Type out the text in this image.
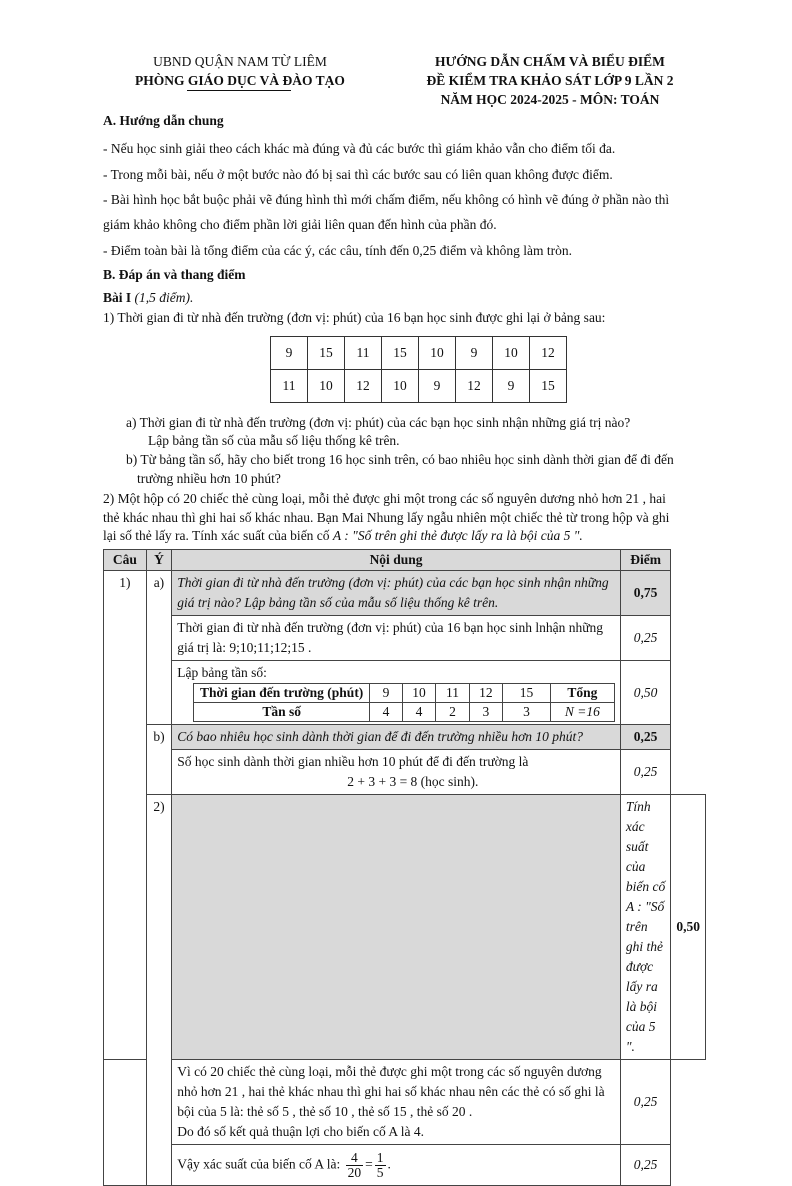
UBND QUẬN NAM TỪ LIÊM
PHÒNG GIÁO DỤC VÀ ĐÀO TẠO
HƯỚNG DẪN CHẤM VÀ BIỂU ĐIỂM
ĐỀ KIỂM TRA KHẢO SÁT LỚP 9 LẦN 2
NĂM HỌC 2024-2025 - MÔN: TOÁN
A. Hướng dẫn chung
- Nếu học sinh giải theo cách khác mà đúng và đủ các bước thì giám khảo vẫn cho điểm tối đa.
- Trong mỗi bài, nếu ở một bước nào đó bị sai thì các bước sau có liên quan không được điểm.
- Bài hình học bắt buộc phải vẽ đúng hình thì mới chấm điểm, nếu không có hình vẽ đúng ở phần nào thì
giám khảo không cho điểm phần lời giải liên quan đến hình của phần đó.
- Điểm toàn bài là tổng điểm của các ý, các câu, tính đến 0,25 điểm và không làm tròn.
B. Đáp án và thang điểm
Bài I (1,5 điểm).
1) Thời gian đi từ nhà đến trường (đơn vị: phút) của 16 bạn học sinh được ghi lại ở bảng sau:
9	15	11	15	10	9	10	12
11	10	12	10	9	12	9	15
a) Thời gian đi từ nhà đến trường (đơn vị: phút) của các bạn học sinh nhận những giá trị nào?
Lập bảng tần số của mẫu số liệu thống kê trên.
b) Từ bảng tần số, hãy cho biết trong 16 học sinh trên, có bao nhiêu học sinh dành thời gian để đi đến
trường nhiều hơn 10 phút?
2) Một hộp có 20 chiếc thẻ cùng loại, mỗi thẻ được ghi một trong các số nguyên dương nhỏ hơn 21 , hai
thẻ khác nhau thì ghi hai số khác nhau. Bạn Mai Nhung lấy ngẫu nhiên một chiếc thẻ từ trong hộp và ghi
lại số thẻ lấy ra. Tính xác suất của biến cố A : "Số trên ghi thẻ được lấy ra là bội của 5 ".
Câu	Ý	Nội dung	Điểm
1)	a)	Thời gian đi từ nhà đến trường (đơn vị: phút) của các bạn học sinh nhận những giá trị nào? Lập bảng tần số của mẫu số liệu thống kê trên.	0,75
Thời gian đi từ nhà đến trường (đơn vị: phút) của 16 bạn học sinh lnhận những giá trị là: 9;10;11;12;15 .	0,25

Lập bảng tần số:
Thời gian đến trường (phút)	9	10	11	12	15	Tổng
Tần số	4	4	2	3	3	N =16
	0,50
b)	Có bao nhiêu học sinh dành thời gian để đi đến trường nhiều hơn 10 phút?	0,25

Số học sinh dành thời gian nhiều hơn 10 phút để đi đến trường là
2 + 3 + 3 = 8 (học sinh).
	0,25
2)		Tính xác suất của biến cố A : "Số trên ghi thẻ được lấy ra là bội của 5 ".	0,50

Vì có 20 chiếc thẻ cùng loại, mỗi thẻ được ghi một trong các số nguyên dương
nhỏ hơn 21 , hai thẻ khác nhau thì ghi hai số khác nhau nên các thẻ có số ghi là
bội của 5 là: thẻ số 5 , thẻ số 10 , thẻ số 15 , thẻ số 20 .
Do đó số kết quả thuận lợi cho biến cố A là 4.
	0,25
Vậy xác suất của biến cố A là: $\frac{4}{20} = \frac{1}{5}$ .	0,25
